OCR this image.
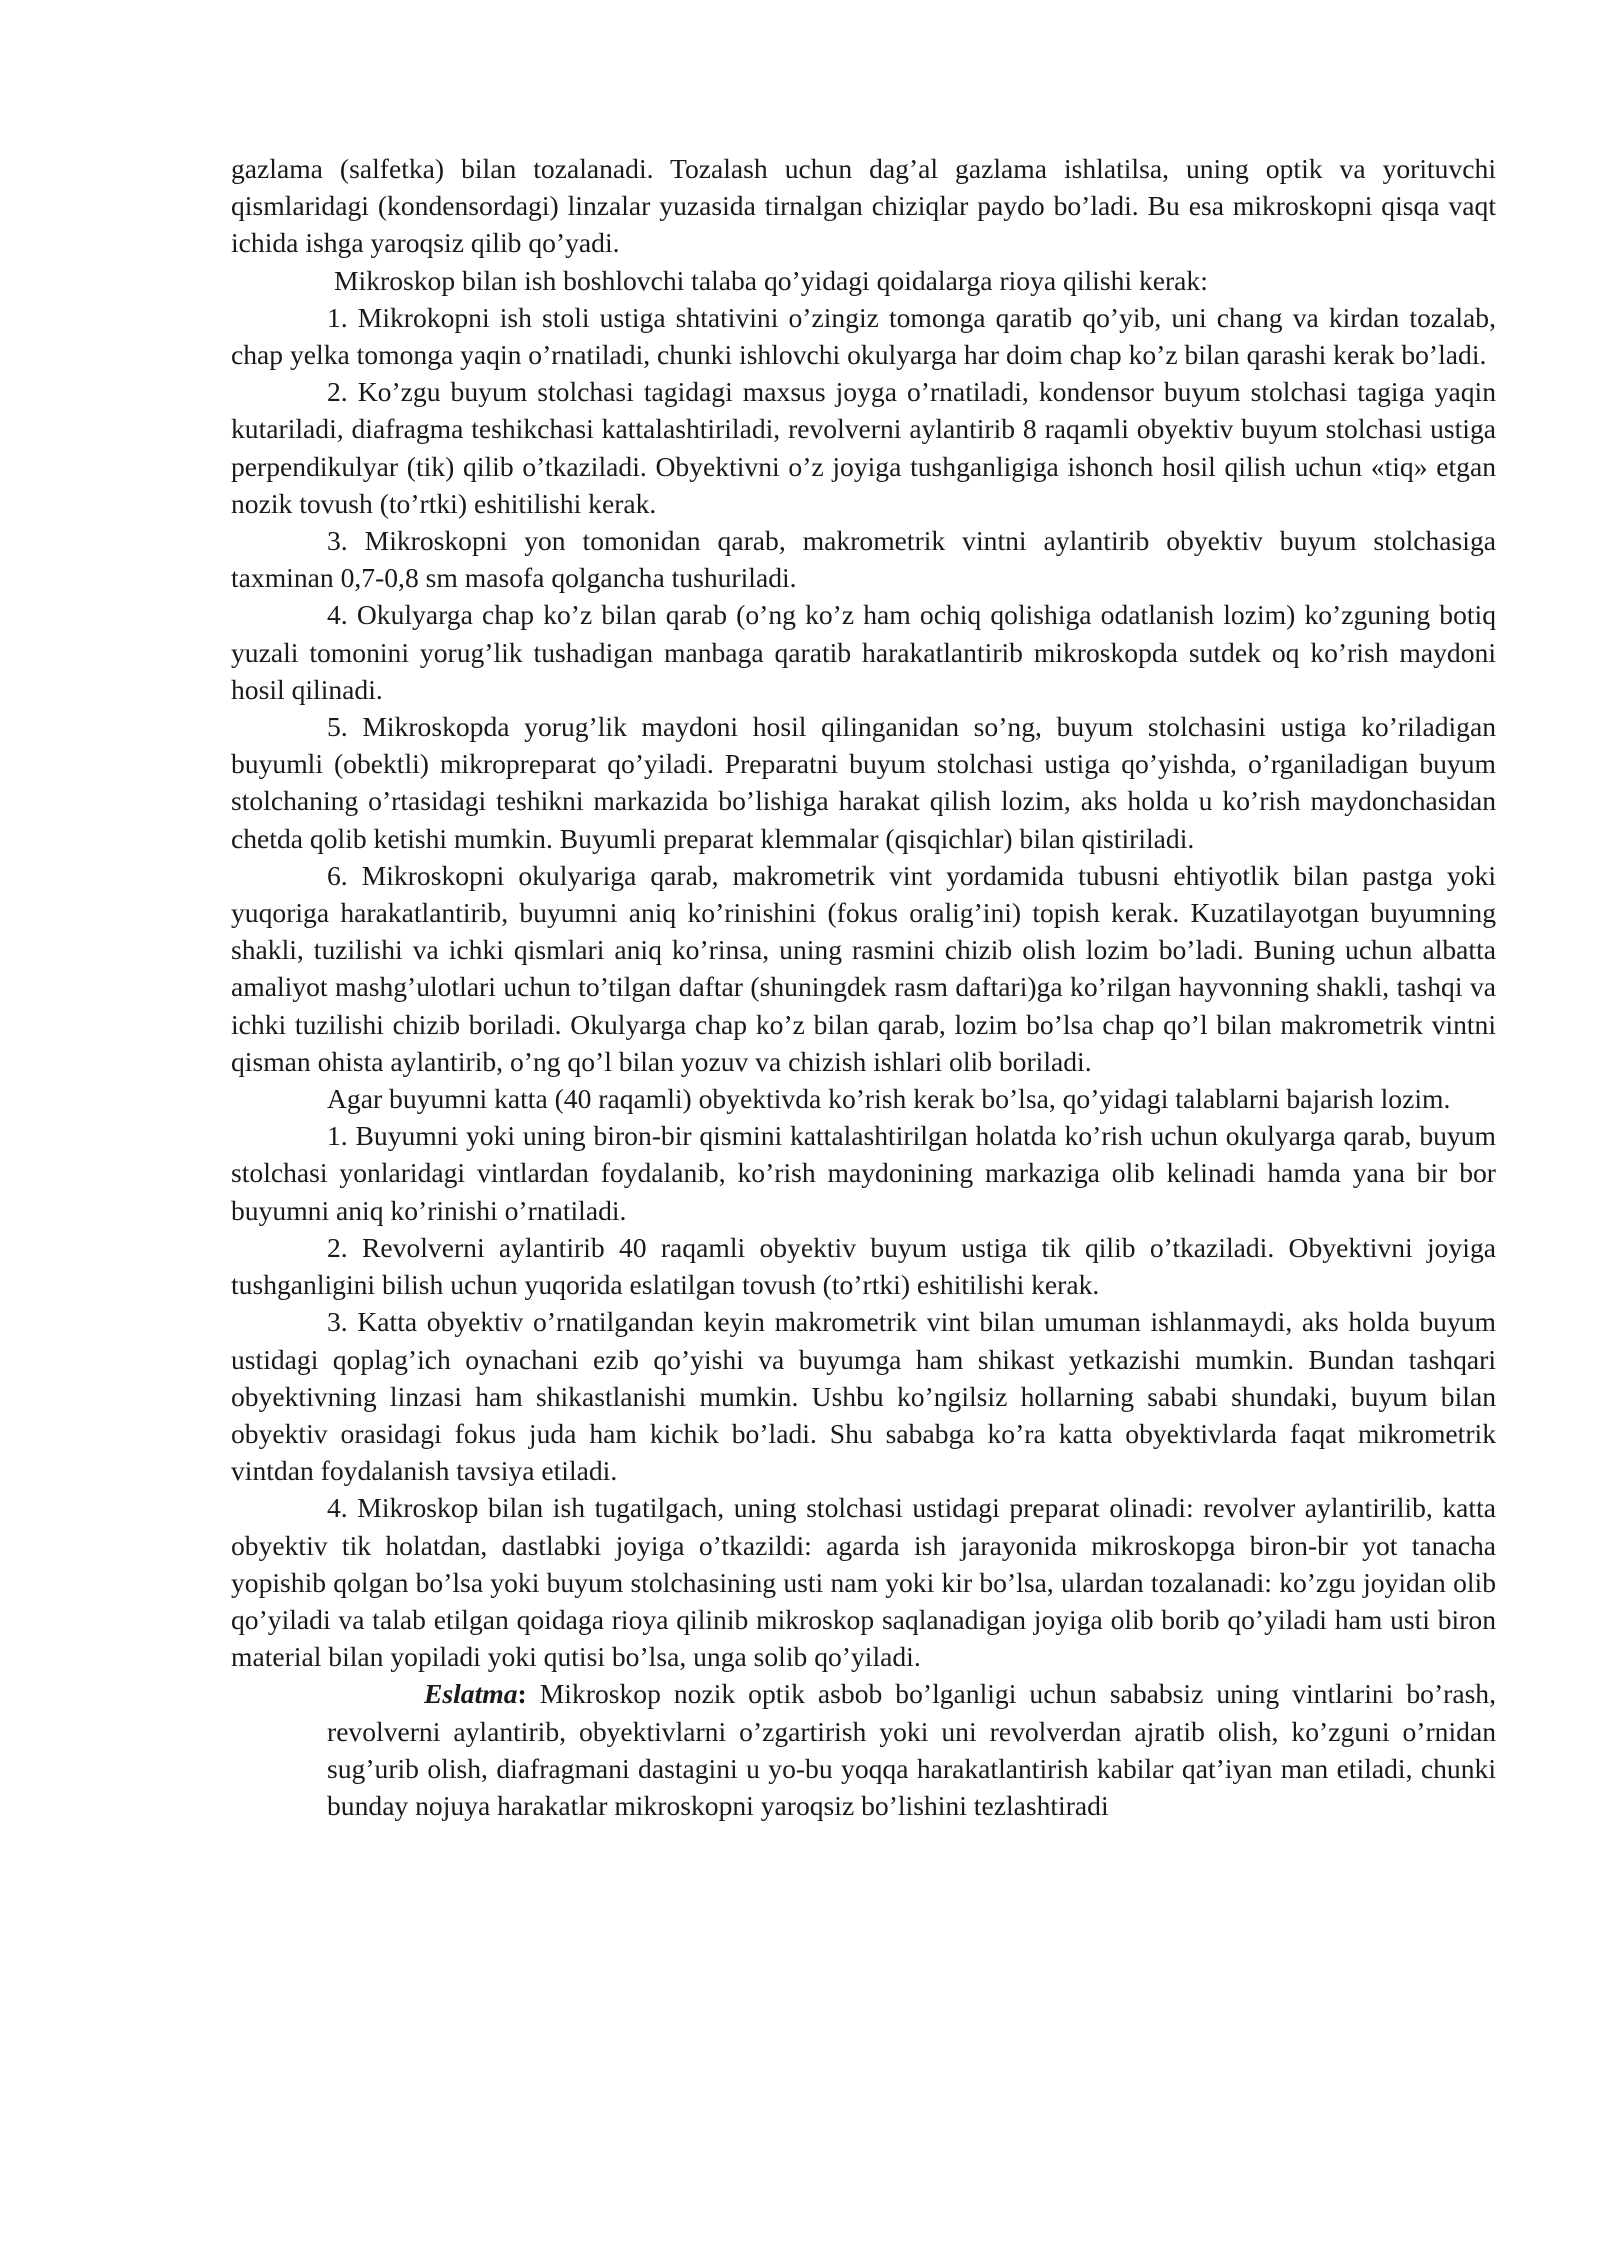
gazlama (salfetka) bilan tozalanadi. Tozalash uchun dag’al gazlama ishlatilsa, uning optik va yorituvchi qismlaridagi (kondensordagi) linzalar yuzasida tirnalgan chiziqlar paydo bo’ladi. Bu esa mikroskopni qisqa vaqt ichida ishga yaroqsiz qilib qo’yadi.

Mikroskop bilan ish boshlovchi talaba qo’yidagi qoidalarga rioya qilishi kerak:

1. Mikrokopni ish stoli ustiga shtativini o’zingiz tomonga qaratib qo’yib, uni chang va kirdan tozalab, chap yelka tomonga yaqin o’rnatiladi, chunki ishlovchi okulyarga har doim chap ko’z bilan qarashi kerak bo’ladi.

2. Ko’zgu buyum stolchasi tagidagi maxsus joyga o’rnatiladi, kondensor buyum stolchasi tagiga yaqin kutariladi, diafragma teshikchasi kattalashtiriladi, revolverni aylantirib 8 raqamli obyektiv buyum stolchasi ustiga perpendikulyar (tik) qilib o’tkaziladi. Obyektivni o’z joyiga tushganligiga ishonch hosil qilish uchun «tiq» etgan nozik tovush (to’rtki) eshitilishi kerak.

3. Mikroskopni yon tomonidan qarab, makrometrik vintni aylantirib obyektiv buyum stolchasiga taxminan 0,7-0,8 sm masofa qolgancha tushuriladi.

4. Okulyarga chap ko’z bilan qarab (o’ng ko’z ham ochiq qolishiga odatlanish lozim) ko’zguning botiq yuzali tomonini yorug’lik tushadigan manbaga qaratib harakatlantirib mikroskopda sutdek oq ko’rish maydoni hosil qilinadi.

5. Mikroskopda yorug’lik maydoni hosil qilinganidan so’ng, buyum stolchasini ustiga ko’riladigan buyumli (obektli) mikropreparat qo’yiladi. Preparatni buyum stolchasi ustiga qo’yishda, o’rganiladigan buyum stolchaning o’rtasidagi teshikni markazida bo’lishiga harakat qilish lozim, aks holda u ko’rish maydonchasidan chetda qolib ketishi mumkin. Buyumli preparat klemmalar (qisqichlar) bilan qistiriladi.

6. Mikroskopni okulyariga qarab, makrometrik vint yordamida tubusni ehtiyotlik bilan pastga yoki yuqoriga harakatlantirib, buyumni aniq ko’rinishini (fokus oralig’ini) topish kerak. Kuzatilayotgan buyumning shakli, tuzilishi va ichki qismlari aniq ko’rinsa, uning rasmini chizib olish lozim bo’ladi. Buning uchun albatta amaliyot mashg’ulotlari uchun to’tilgan daftar (shuningdek rasm daftari)ga ko’rilgan hayvonning shakli, tashqi va ichki tuzilishi chizib boriladi. Okulyarga chap ko’z bilan qarab, lozim bo’lsa chap qo’l bilan makrometrik vintni qisman ohista aylantirib, o’ng qo’l bilan yozuv va chizish ishlari olib boriladi.

Agar buyumni katta (40 raqamli) obyektivda ko’rish kerak bo’lsa, qo’yidagi talablarni bajarish lozim.

1. Buyumni yoki uning biron-bir qismini kattalashtirilgan holatda ko’rish uchun okulyarga qarab, buyum stolchasi yonlaridagi vintlardan foydalanib, ko’rish maydonining markaziga olib kelinadi hamda yana bir bor buyumni aniq ko’rinishi o’rnatiladi.

2. Revolverni aylantirib 40 raqamli obyektiv buyum ustiga tik qilib o’tkaziladi. Obyektivni joyiga tushganligini bilish uchun yuqorida eslatilgan tovush (to’rtki) eshitilishi kerak.

3. Katta obyektiv o’rnatilgandan keyin makrometrik vint bilan umuman ishlanmaydi, aks holda buyum ustidagi qoplag’ich oynachani ezib qo’yishi va buyumga ham shikast yetkazishi mumkin. Bundan tashqari obyektivning linzasi ham shikastlanishi mumkin. Ushbu ko’ngilsiz hollarning sababi shundaki, buyum bilan obyektiv orasidagi fokus juda ham kichik bo’ladi. Shu sababga ko’ra katta obyektivlarda faqat mikrometrik vintdan foydalanish tavsiya etiladi.

4. Mikroskop bilan ish tugatilgach, uning stolchasi ustidagi preparat olinadi: revolver aylantirilib, katta obyektiv tik holatdan, dastlabki joyiga o’tkazildi: agarda ish jarayonida mikroskopga biron-bir yot tanacha yopishib qolgan bo’lsa yoki buyum stolchasining usti nam yoki kir bo’lsa, ulardan tozalanadi: ko’zgu joyidan olib qo’yiladi va talab etilgan qoidaga rioya qilinib mikroskop saqlanadigan joyiga olib borib qo’yiladi ham usti biron material bilan yopiladi yoki qutisi bo’lsa, unga solib qo’yiladi.

Eslatma: Mikroskop nozik optik asbob bo’lganligi uchun sababsiz uning vintlarini bo’rash, revolverni aylantirib, obyektivlarni o’zgartirish yoki uni revolverdan ajratib olish, ko’zguni o’rnidan sug’urib olish, diafragmani dastagini u yo-bu yoqqa harakatlantirish kabilar qat’iyan man etiladi, chunki bunday nojuya harakatlar mikroskopni yaroqsiz bo’lishini tezlashtiradi
